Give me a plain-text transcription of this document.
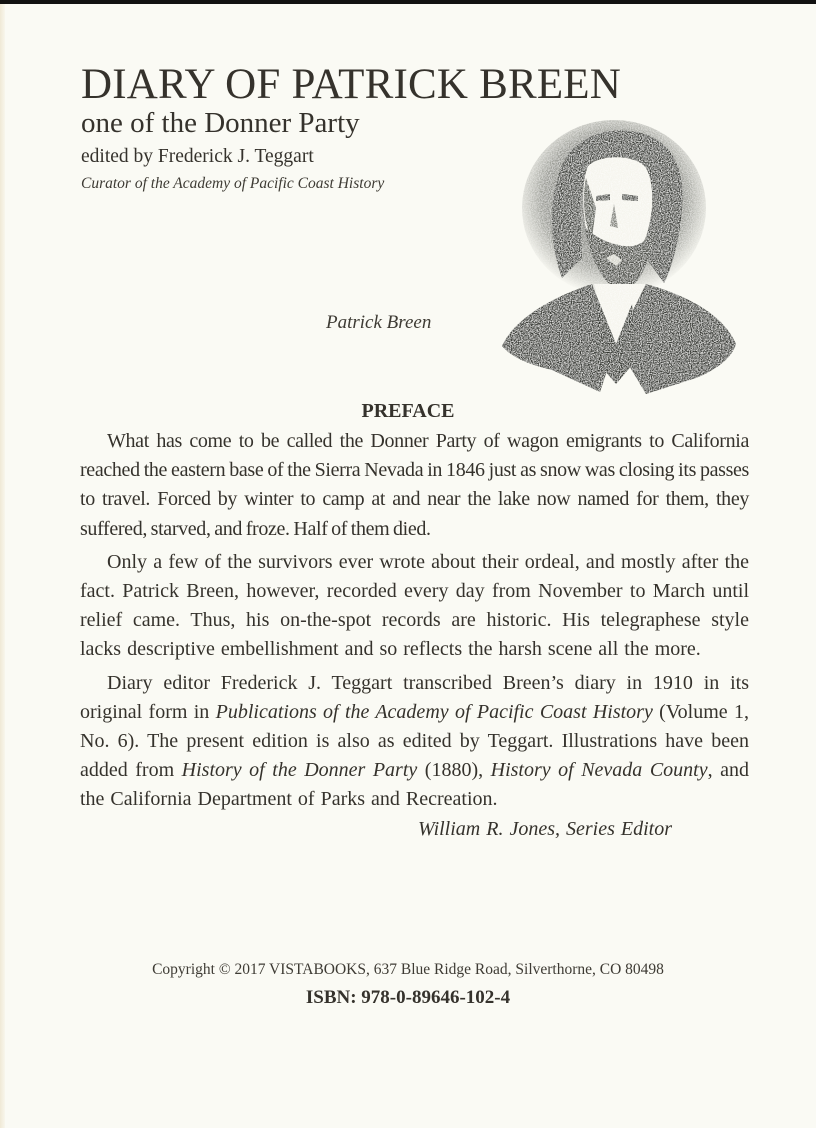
DIARY OF PATRICK BREEN
one of the Donner Party
edited by Frederick J. Teggart
Curator of the Academy of Pacific Coast History
Patrick Breen
PREFACE

What has come to be called the Donner Party of wagon emigrants to California reached the eastern base of the Sierra Nevada in 1846 just as snow was closing its passes to travel. Forced by winter to camp at and near the lake now named for them, they suffered, starved, and froze. Half of them died.

Only a few of the survivors ever wrote about their ordeal, and mostly after the fact. Patrick Breen, however, recorded every day from November to March until relief came. Thus, his on-the-spot records are historic. His telegraphese style lacks descriptive embellishment and so reflects the harsh scene all the more.

Diary editor Frederick J. Teggart transcribed Breen’s diary in 1910 in its original form in Publications of the Academy of Pacific Coast History (Volume 1, No. 6). The present edition is also as edited by Teggart. Illustrations have been added from History of the Donner Party (1880), History of Nevada County, and the California Department of Parks and Recreation.
William R. Jones, Series Editor

Copyright © 2017 VISTABOOKS, 637 Blue Ridge Road, Silverthorne, CO 80498
ISBN: 978-0-89646-102-4
